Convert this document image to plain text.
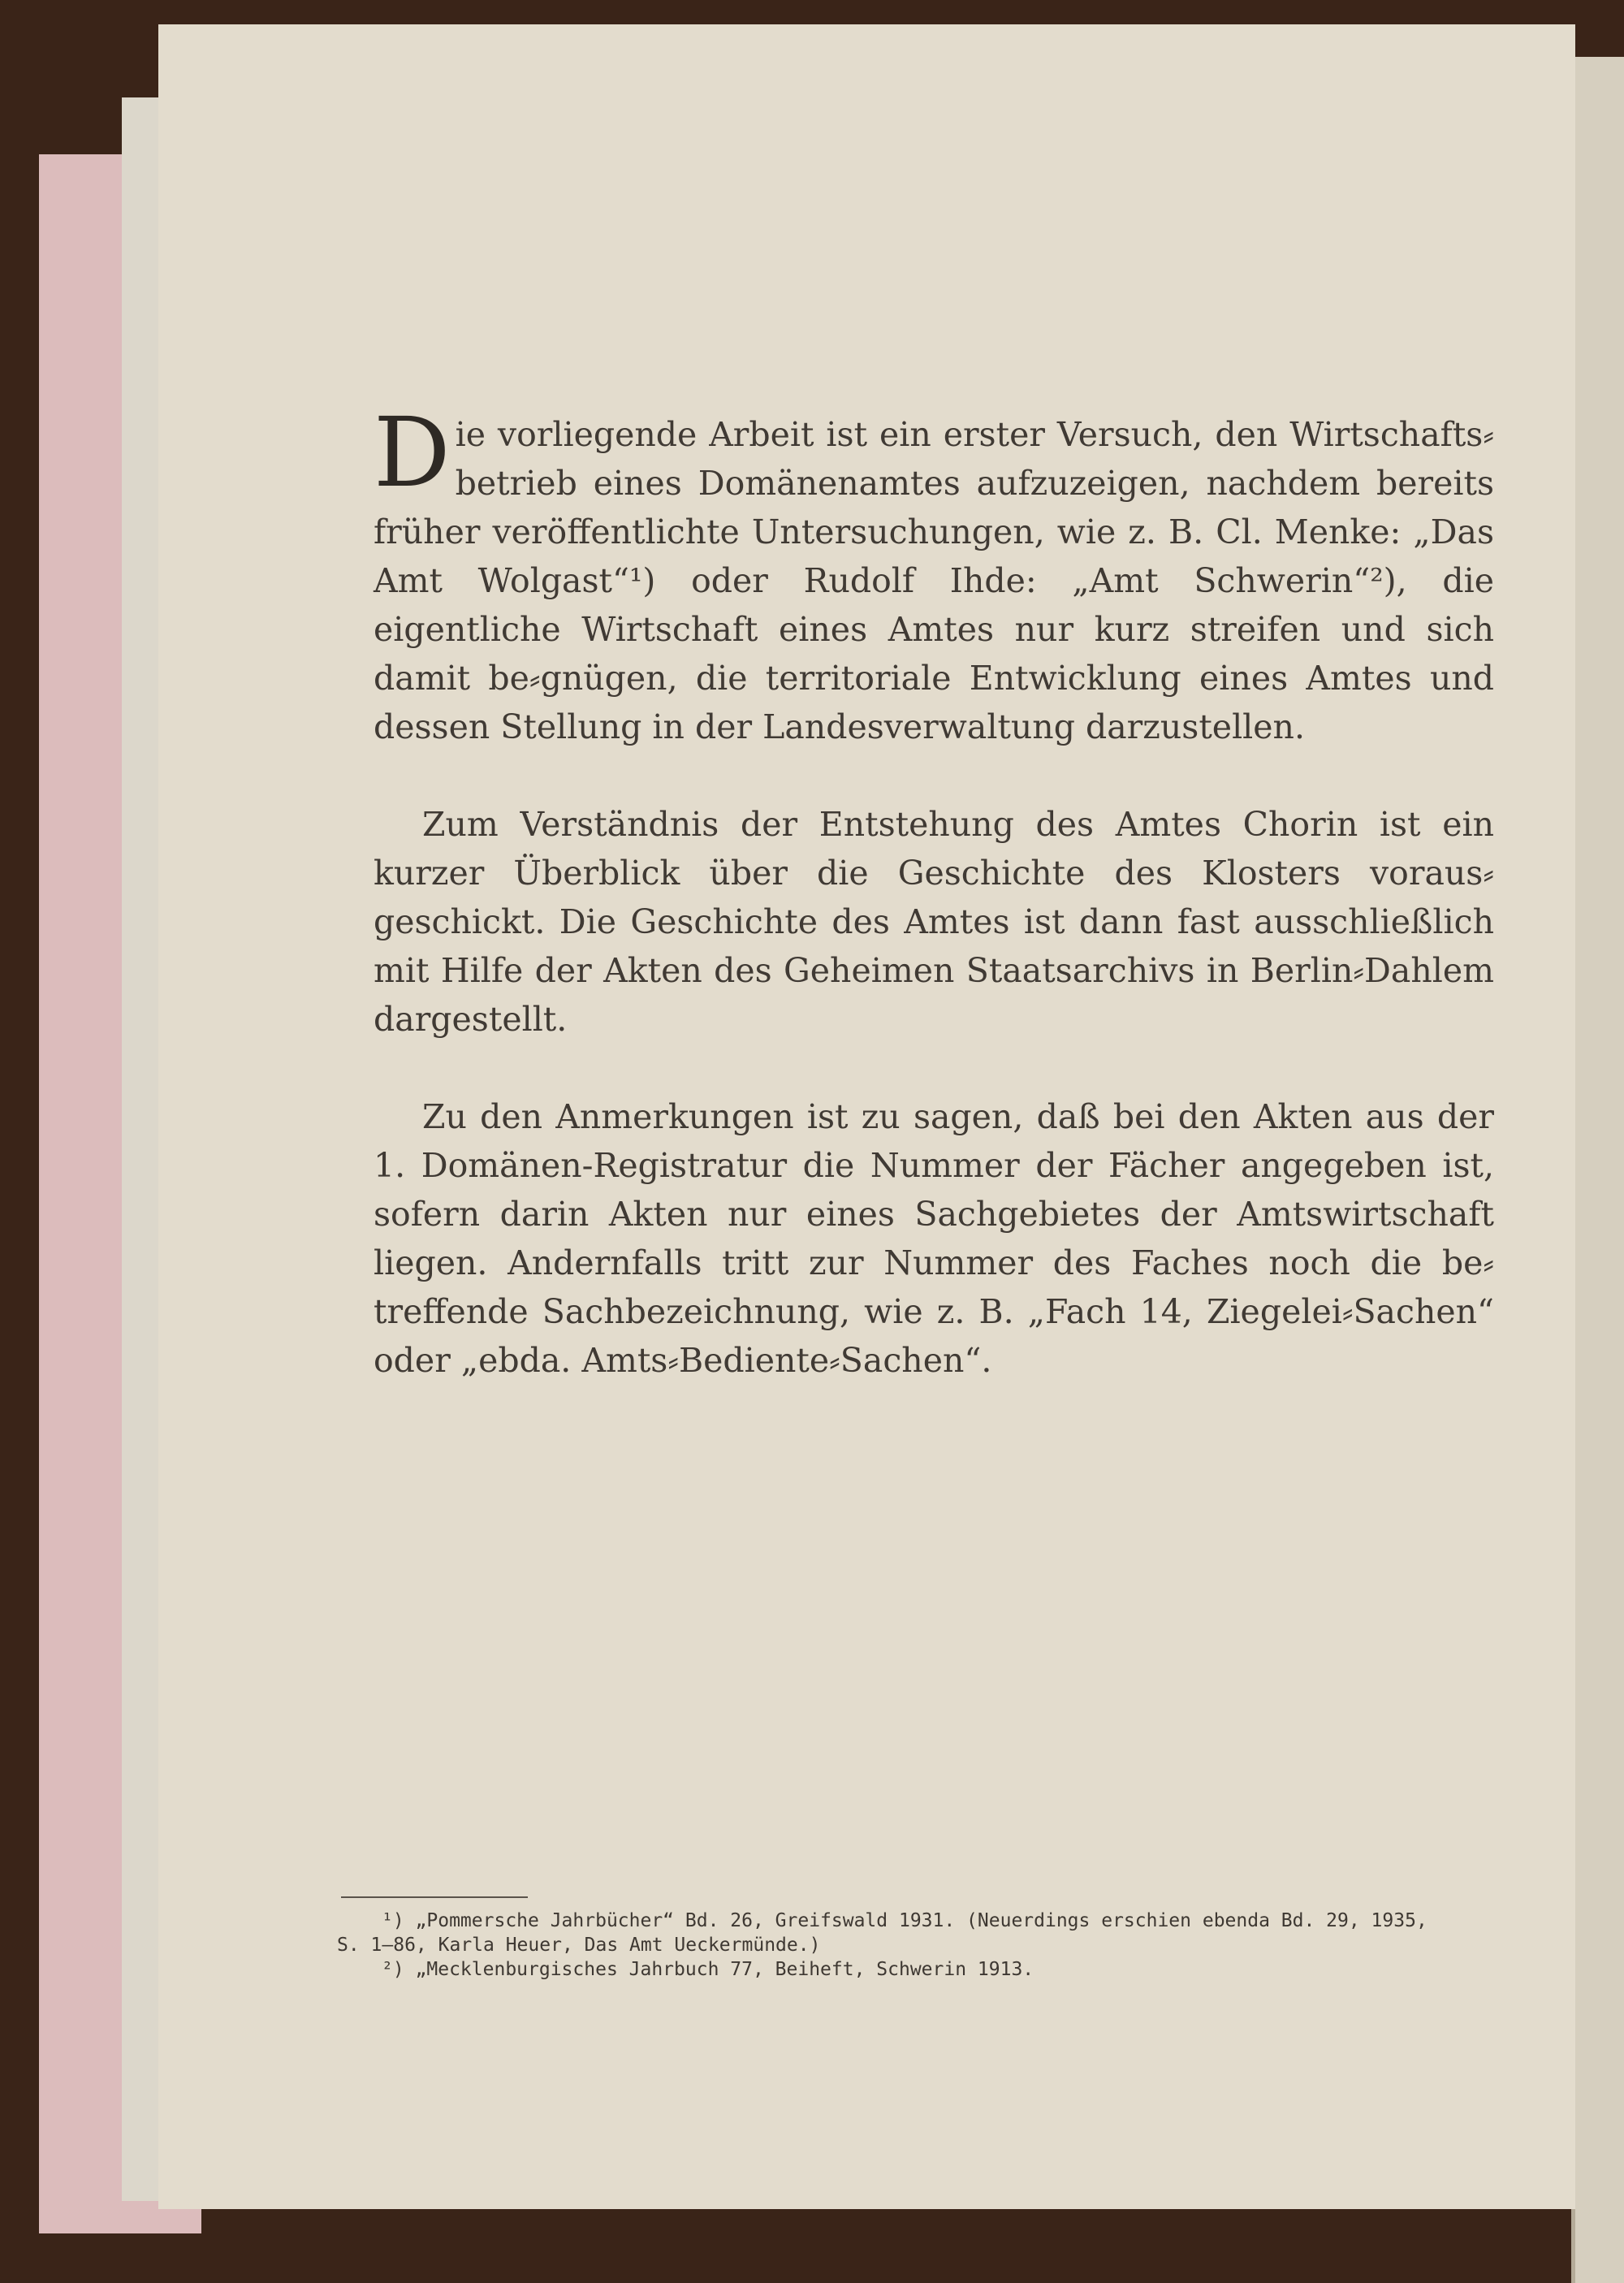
Die vorliegende Arbeit ist ein erster Versuch, den Wirtschafts⸗betrieb eines Domänenamtes aufzuzeigen, nachdem bereits früher veröffentlichte Untersuchungen, wie z. B. Cl. Menke: „Das Amt Wolgast“¹) oder Rudolf Ihde: „Amt Schwerin“²), die eigentliche Wirtschaft eines Amtes nur kurz streifen und sich damit be⸗gnügen, die territoriale Entwicklung eines Amtes und dessen Stellung in der Landesverwaltung darzustellen.

Zum Verständnis der Entstehung des Amtes Chorin ist ein kurzer Überblick über die Geschichte des Klosters voraus⸗geschickt. Die Geschichte des Amtes ist dann fast ausschließlich mit Hilfe der Akten des Geheimen Staatsarchivs in Berlin⸗Dahlem dargestellt.

Zu den Anmerkungen ist zu sagen, daß bei den Akten aus der 1. Domänen-Registratur die Nummer der Fächer angegeben ist, sofern darin Akten nur eines Sachgebietes der Amtswirtschaft liegen. Andernfalls tritt zur Nummer des Faches noch die be⸗treffende Sachbezeichnung, wie z. B. „Fach 14, Ziegelei⸗Sachen“ oder „ebda. Amts⸗Bediente⸗Sachen“.

¹) „Pommersche Jahrbücher“ Bd. 26, Greifswald 1931. (Neuerdings erschien ebenda Bd. 29, 1935, S. 1—86, Karla Heuer, Das Amt Ueckermünde.)

²) „Mecklenburgisches Jahrbuch 77, Beiheft, Schwerin 1913.
